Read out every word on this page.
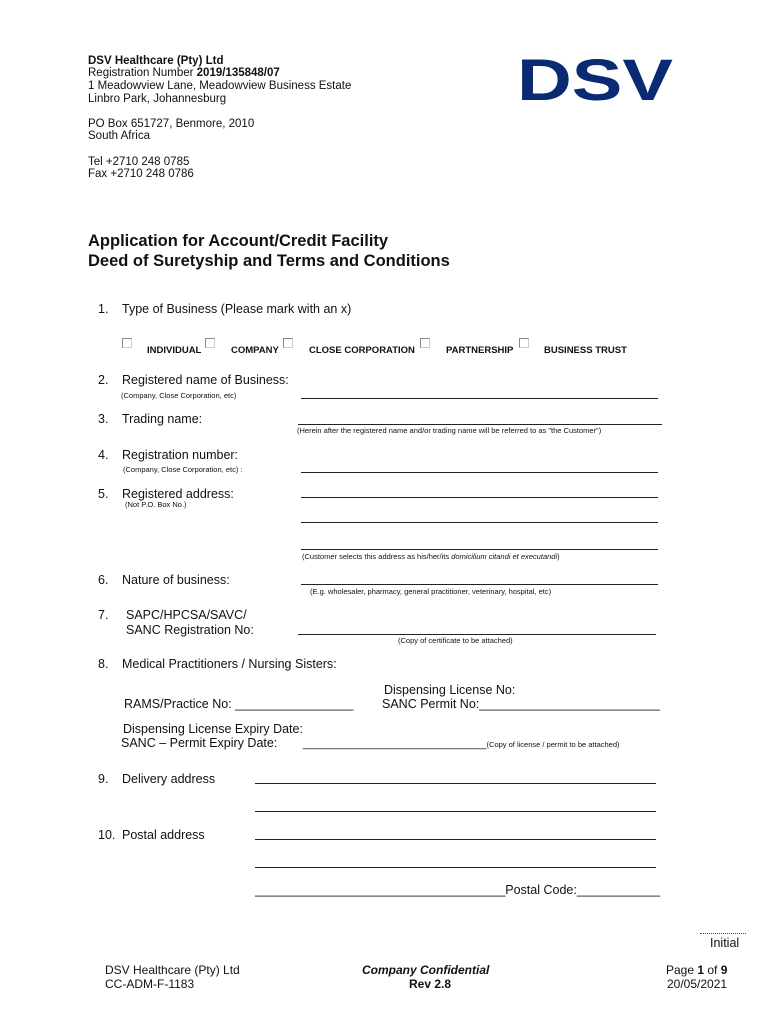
DSV Healthcare (Pty) Ltd
Registration Number 2019/135848/07
1 Meadowview Lane, Meadowview Business Estate
Linbro Park, Johannesburg
PO Box 651727, Benmore, 2010
South Africa
Tel +2710 248 0785
Fax +2710 248 0786
DSV
Application for Account/Credit Facility
Deed of Suretyship and Terms and Conditions
1. Type of Business (Please mark with an x)
INDIVIDUAL	COMPANY	CLOSE CORPORATION	PARTNERSHIP	BUSINESS TRUST
2. Registered name of Business:
(Company, Close Corporation, etc)
3. Trading name:
(Herein after the registered name and/or trading name will be referred to as "the Customer")
4. Registration number:
(Company, Close Corporation, etc) :
5. Registered address:
(Not P.O. Box No.)
(Customer selects this address as his/her/its domicilium citandi et executandi)
6. Nature of business:
(E.g. wholesaler, pharmacy, general practitioner, veterinary, hospital, etc)
7. SAPC/HPCSA/SAVC/
SANC Registration No:
(Copy of certificate to be attached)
8. Medical Practitioners / Nursing Sisters:
Dispensing License No:
RAMS/Practice No: _________________ SANC Permit No:__________________________
Dispensing License Expiry Date:
SANC – Permit Expiry Date: ______________________________(Copy of license / permit to be attached)
9. Delivery address
10. Postal address
____________________________________Postal Code:____________
Initial
DSV Healthcare (Pty) Ltd
CC-ADM-F-1183
Company Confidential
Rev 2.8
Page 1 of 9
20/05/2021
